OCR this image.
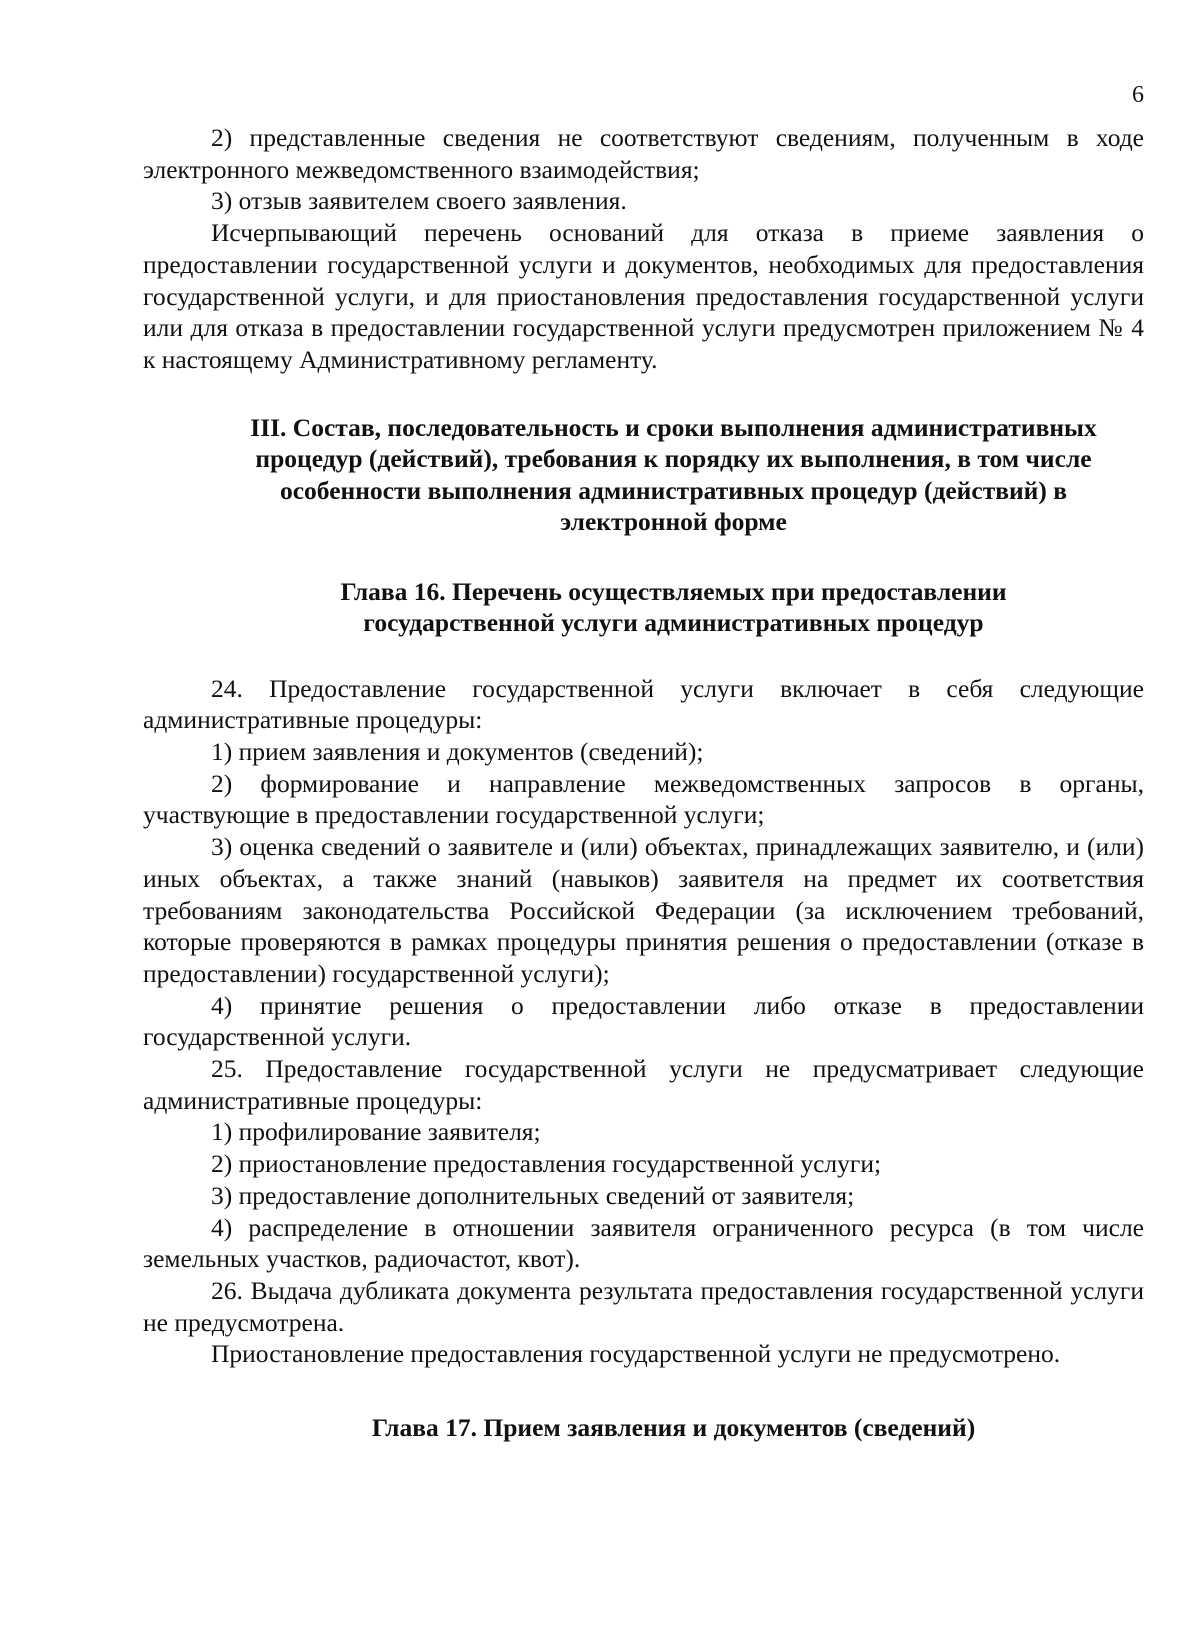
6

2) представленные сведения не соответствуют сведениям, полученным в ходе электронного межведомственного взаимодействия;

3) отзыв заявителем своего заявления.

Исчерпывающий перечень оснований для отказа в приеме заявления о предоставлении государственной услуги и документов, необходимых для предоставления государственной услуги, и для приостановления предоставления государственной услуги или для отказа в предоставлении государственной услуги предусмотрен приложением № 4 к настоящему Административному регламенту.

III. Состав, последовательность и сроки выполнения административных
процедур (действий), требования к порядку их выполнения, в том числе
особенности выполнения административных процедур (действий) в
электронной форме
Глава 16. Перечень осуществляемых при предоставлении
государственной услуги административных процедур

24. Предоставление государственной услуги включает в себя следующие административные процедуры:

1) прием заявления и документов (сведений);

2) формирование и направление межведомственных запросов в органы, участвующие в предоставлении государственной услуги;

3) оценка сведений о заявителе и (или) объектах, принадлежащих заявителю, и (или) иных объектах, а также знаний (навыков) заявителя на предмет их соответствия требованиям законодательства Российской Федерации (за исключением требований, которые проверяются в рамках процедуры принятия решения о предоставлении (отказе в предоставлении) государственной услуги);

4) принятие решения о предоставлении либо отказе в предоставлении государственной услуги.

25. Предоставление государственной услуги не предусматривает следующие административные процедуры:

1) профилирование заявителя;

2) приостановление предоставления государственной услуги;

3) предоставление дополнительных сведений от заявителя;

4) распределение в отношении заявителя ограниченного ресурса (в том числе земельных участков, радиочастот, квот).

26. Выдача дубликата документа результата предоставления государственной услуги не предусмотрена.

Приостановление предоставления государственной услуги не предусмотрено.

Глава 17. Прием заявления и документов (сведений)
